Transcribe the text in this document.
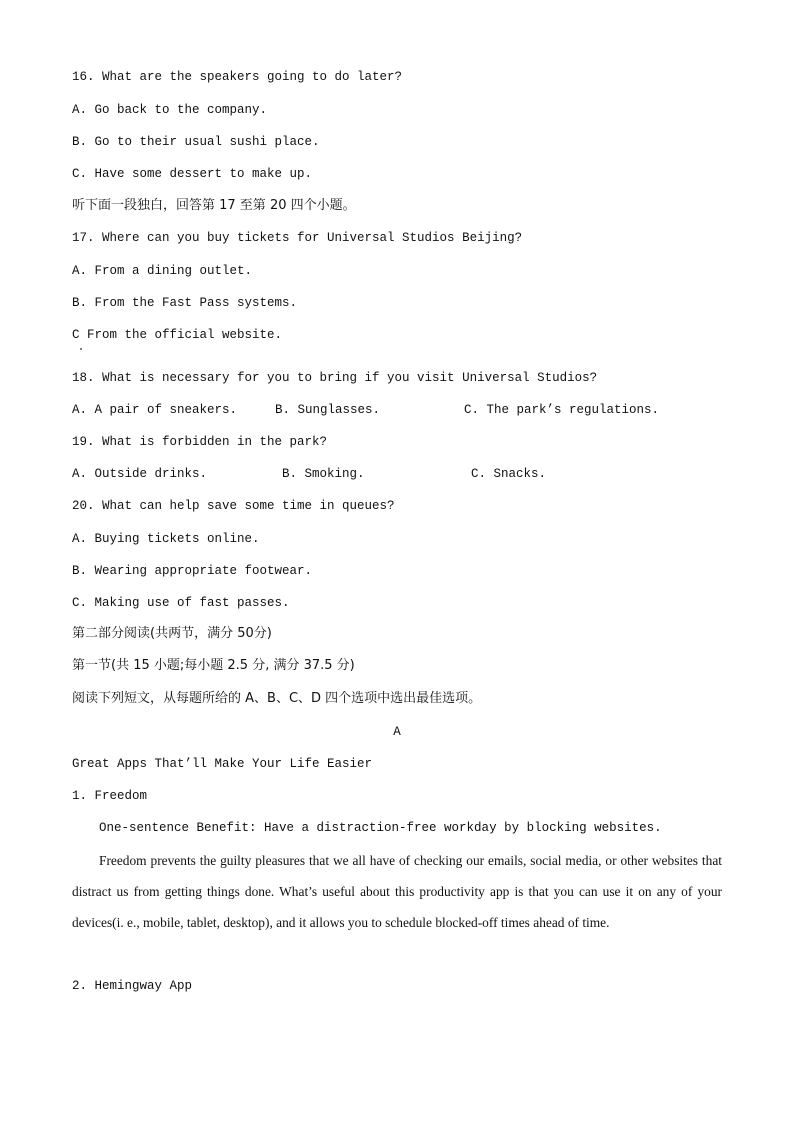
16. What are the speakers going to do later?
A. Go back to the company.
B. Go to their usual sushi place.
C. Have some dessert to make up.
听下面一段独白，回答第 17 至第 20 四个小题。
17. Where can you buy tickets for Universal Studios Beijing?
A. From a dining outlet.
B. From the Fast Pass systems.
C From the official website.
18. What is necessary for you to bring if you visit Universal Studios?
A. A pair of sneakers.	B. Sunglasses.	C. The park’s regulations.
19. What is forbidden in the park?
A. Outside drinks.	B. Smoking.	C. Snacks.
20. What can help save some time in queues?
A. Buying tickets online.
B. Wearing appropriate footwear.
C. Making use of fast passes.
第二部分阅读(共两节，满分 50分)
第一节(共 15 小题;每小题 2.5 分, 满分 37.5 分)
阅读下列短文，从每题所给的 A、B、C、D 四个选项中选出最佳选项。
A
Great Apps That’ll Make Your Life Easier
1. Freedom
One-sentence Benefit: Have a distraction-free workday by blocking websites.
Freedom prevents the guilty pleasures that we all have of checking our emails, social media, or other websites that distract us from getting things done. What’s useful about this productivity app is that you can use it on any of your devices(i. e., mobile, tablet, desktop), and it allows you to schedule blocked-off times ahead of time.
2. Hemingway App
